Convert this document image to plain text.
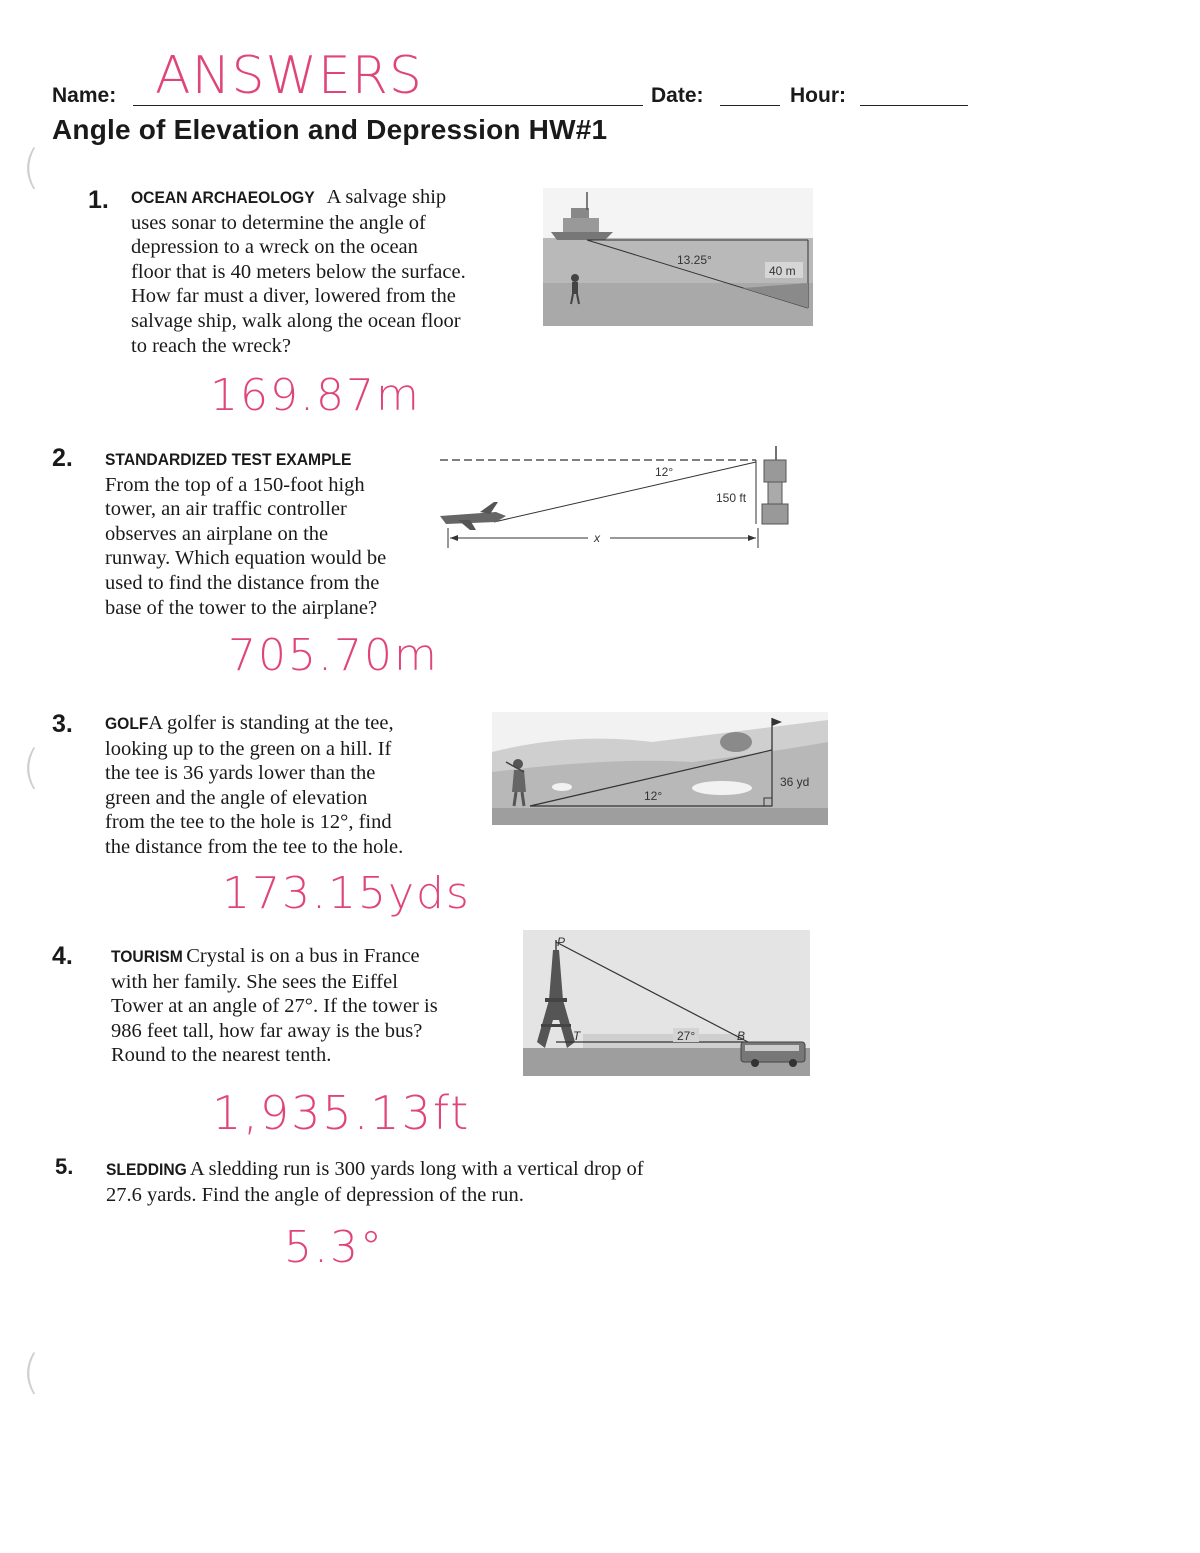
(
(
(
Name: ANSWERS	Date:	Hour:
Angle of Elevation and Depression HW#1
1. OCEAN ARCHAEOLOGY A salvage ship
uses sonar to determine the angle of
depression to a wreck on the ocean
floor that is 40 meters below the surface.
How far must a diver, lowered from the
salvage ship, walk along the ocean floor
to reach the wreck?
169.87m
13.25°
40 m
2. STANDARDIZED TEST EXAMPLE
From the top of a 150-foot high
tower, an air traffic controller
observes an airplane on the
runway. Which equation would be
used to find the distance from the
base of the tower to the airplane?
705.70m
x
12°
150 ft
3. GOLF A golfer is standing at the tee,
looking up to the green on a hill. If
the tee is 36 yards lower than the
green and the angle of elevation
from the tee to the hole is 12°, find
the distance from the tee to the hole.
173.15yds
12°
36 yd
4. TOURISM Crystal is on a bus in France
with her family. She sees the Eiffel
Tower at an angle of 27°. If the tower is
986 feet tall, how far away is the bus?
Round to the nearest tenth.
1,935.13ft
P
T	27°	B
5. SLEDDING A sledding run is 300 yards long with a vertical drop of
27.6 yards. Find the angle of depression of the run.
5.3°
